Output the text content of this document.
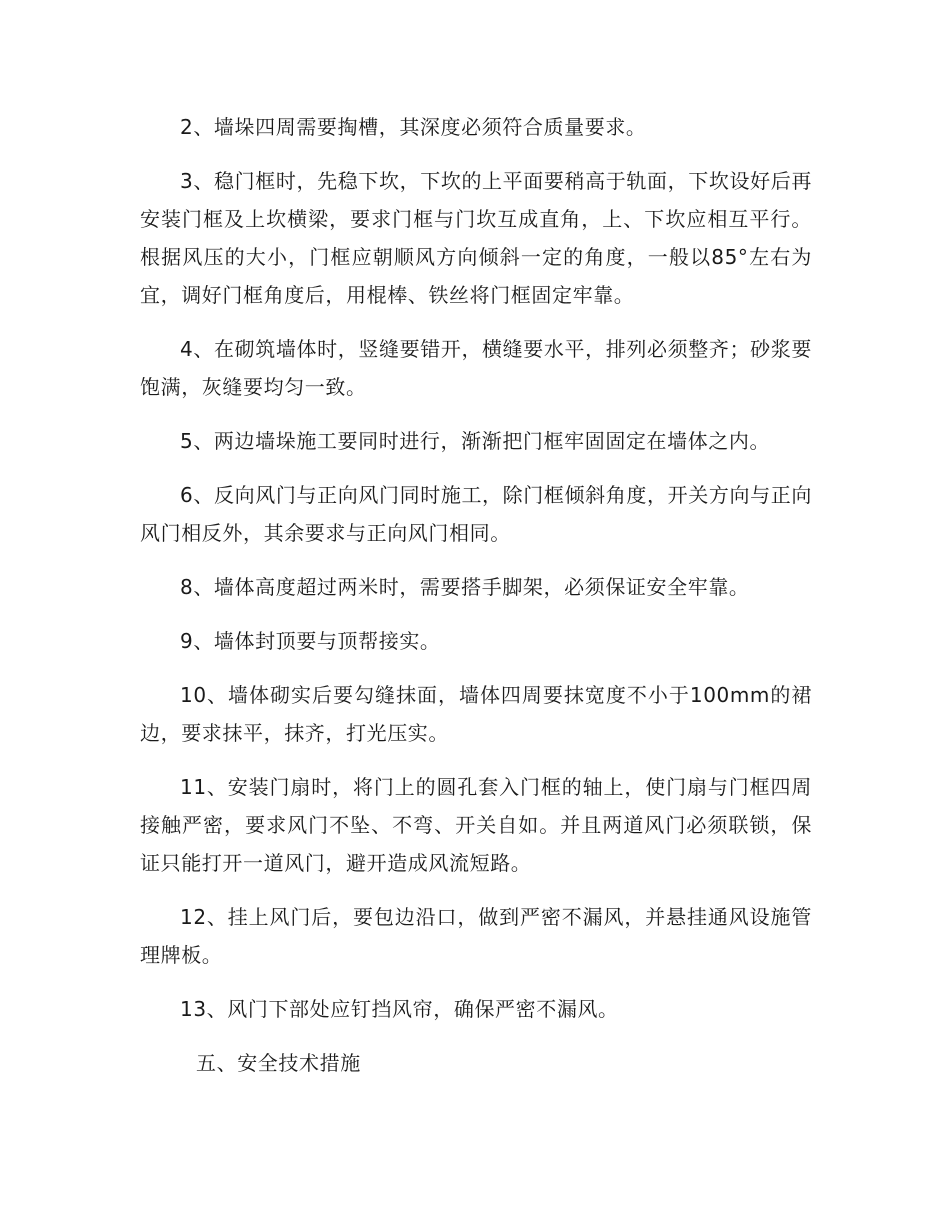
2、墙垛四周需要掏槽，其深度必须符合质量要求。

3、稳门框时，先稳下坎，下坎的上平面要稍高于轨面，下坎设好后再安装门框及上坎横梁，要求门框与门坎互成直角，上、下坎应相互平行。根据风压的大小，门框应朝顺风方向倾斜一定的角度，一般以85°左右为宜，调好门框角度后，用棍棒、铁丝将门框固定牢靠。

4、在砌筑墙体时，竖缝要错开，横缝要水平，排列必须整齐；砂浆要饱满，灰缝要均匀一致。

5、两边墙垛施工要同时进行，渐渐把门框牢固固定在墙体之内。

6、反向风门与正向风门同时施工，除门框倾斜角度，开关方向与正向风门相反外，其余要求与正向风门相同。

8、墙体高度超过两米时，需要搭手脚架，必须保证安全牢靠。

9、墙体封顶要与顶帮接实。

10、墙体砌实后要勾缝抹面，墙体四周要抹宽度不小于100mm的裙边，要求抹平，抹齐，打光压实。

11、安装门扇时，将门上的圆孔套入门框的轴上，使门扇与门框四周接触严密，要求风门不坠、不弯、开关自如。并且两道风门必须联锁，保证只能打开一道风门，避开造成风流短路。

12、挂上风门后，要包边沿口，做到严密不漏风，并悬挂通风设施管理牌板。

13、风门下部处应钉挡风帘，确保严密不漏风。

五、安全技术措施
